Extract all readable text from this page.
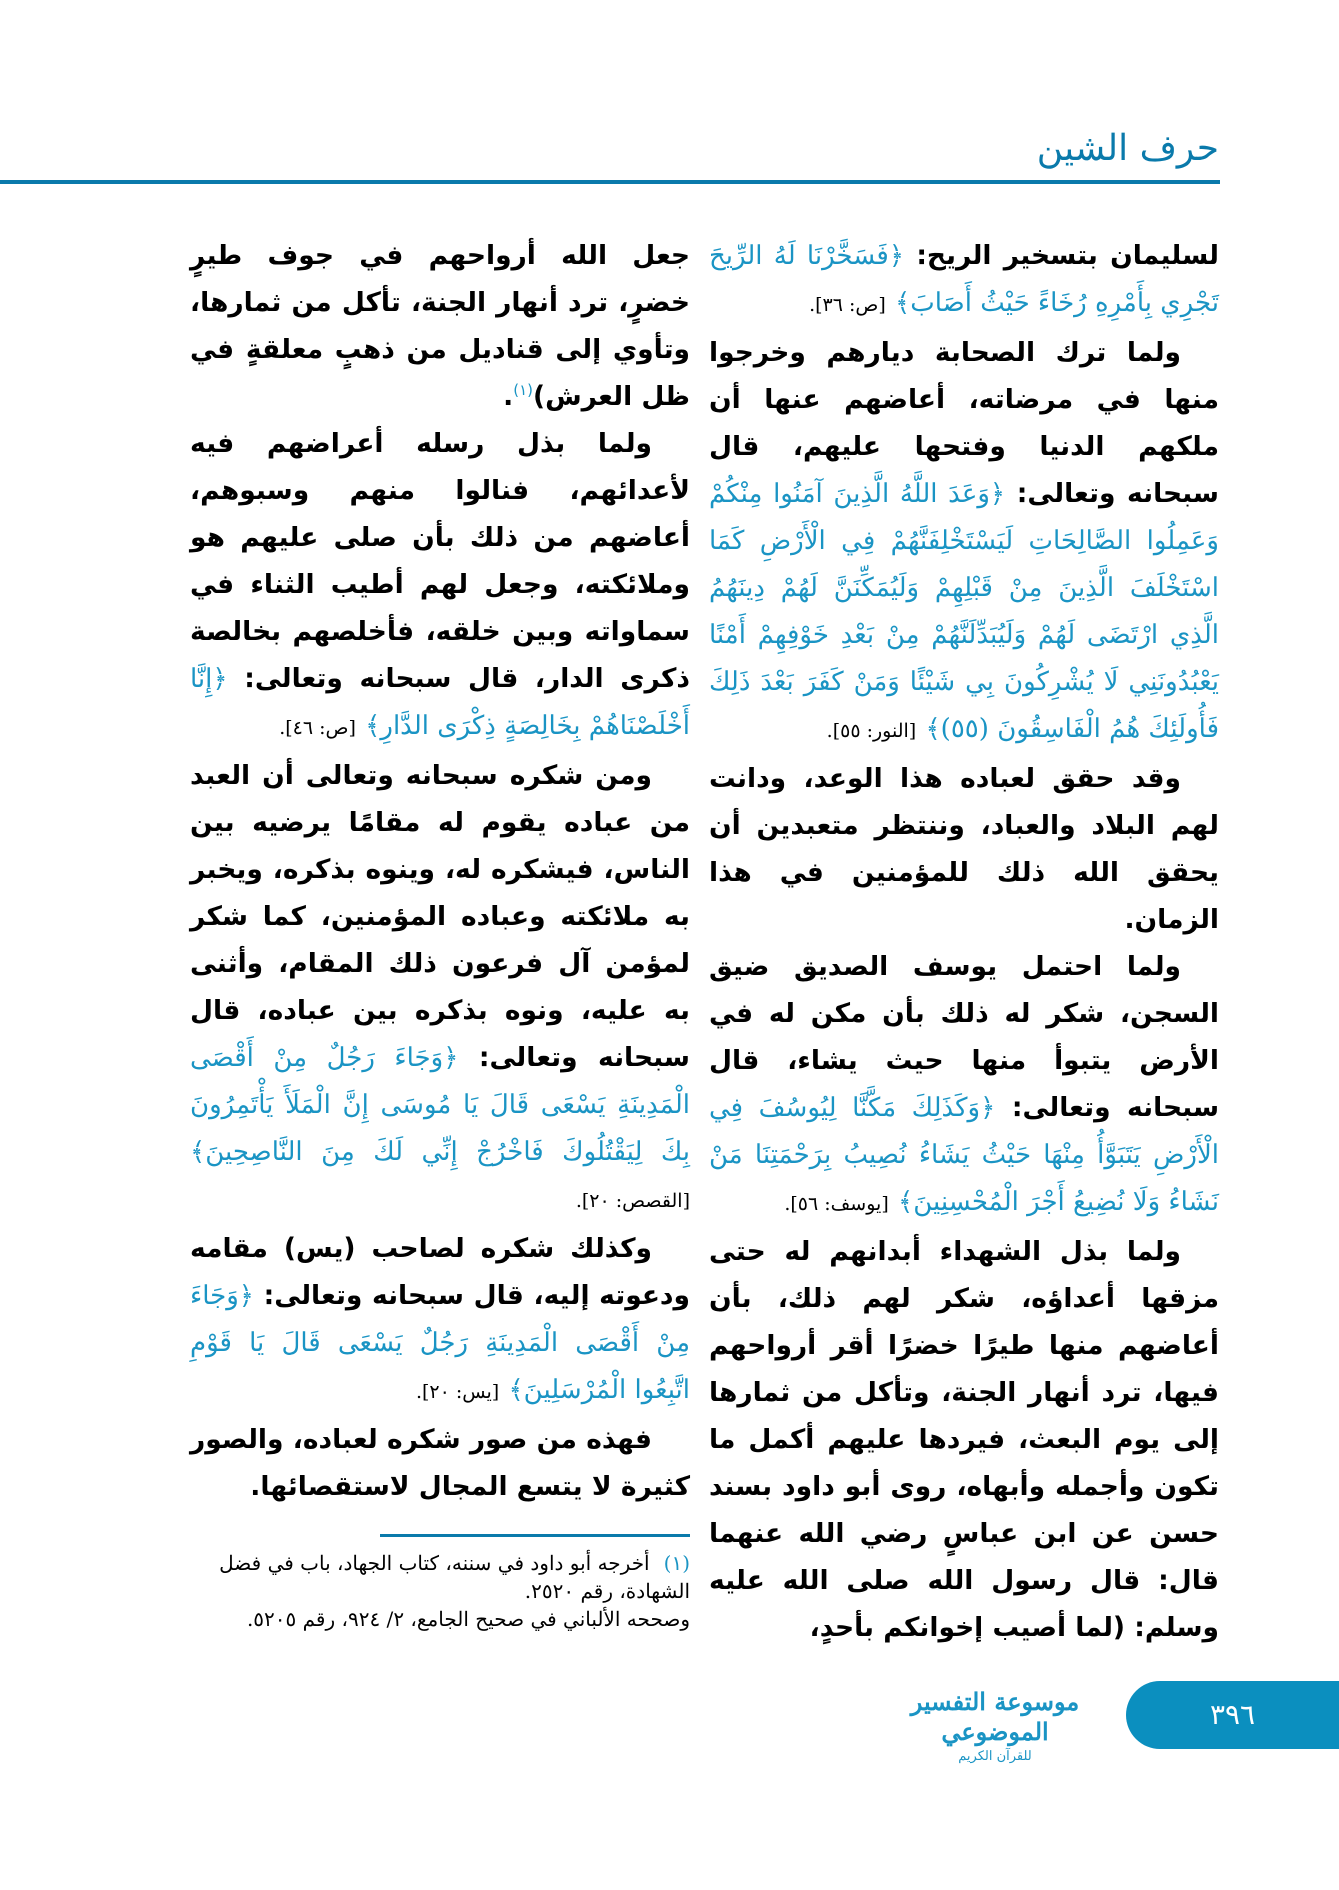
حرف الشين

لسليمان بتسخير الريح: ﴿فَسَخَّرْنَا لَهُ الرِّيحَ تَجْرِي بِأَمْرِهِ رُخَاءً حَيْثُ أَصَابَ﴾ [ص: ٣٦].

ولما ترك الصحابة ديارهم وخرجوا منها في مرضاته، أعاضهم عنها أن ملكهم الدنيا وفتحها عليهم، قال سبحانه وتعالى: ﴿وَعَدَ اللَّهُ الَّذِينَ آمَنُوا مِنْكُمْ وَعَمِلُوا الصَّالِحَاتِ لَيَسْتَخْلِفَنَّهُمْ فِي الْأَرْضِ كَمَا اسْتَخْلَفَ الَّذِينَ مِنْ قَبْلِهِمْ وَلَيُمَكِّنَنَّ لَهُمْ دِينَهُمُ الَّذِي ارْتَضَى لَهُمْ وَلَيُبَدِّلَنَّهُمْ مِنْ بَعْدِ خَوْفِهِمْ أَمْنًا يَعْبُدُونَنِي لَا يُشْرِكُونَ بِي شَيْئًا وَمَنْ كَفَرَ بَعْدَ ذَلِكَ فَأُولَئِكَ هُمُ الْفَاسِقُونَ (٥٥)﴾ [النور: ٥٥].

وقد حقق لعباده هذا الوعد، ودانت لهم البلاد والعباد، وننتظر متعبدين أن يحقق الله ذلك للمؤمنين في هذا الزمان.

ولما احتمل يوسف الصديق ضيق السجن، شكر له ذلك بأن مكن له في الأرض يتبوأ منها حيث يشاء، قال سبحانه وتعالى: ﴿وَكَذَلِكَ مَكَّنَّا لِيُوسُفَ فِي الْأَرْضِ يَتَبَوَّأُ مِنْهَا حَيْثُ يَشَاءُ نُصِيبُ بِرَحْمَتِنَا مَنْ نَشَاءُ وَلَا نُضِيعُ أَجْرَ الْمُحْسِنِينَ﴾ [يوسف: ٥٦].

ولما بذل الشهداء أبدانهم له حتى مزقها أعداؤه، شكر لهم ذلك، بأن أعاضهم منها طيرًا خضرًا أقر أرواحهم فيها، ترد أنهار الجنة، وتأكل من ثمارها إلى يوم البعث، فيردها عليهم أكمل ما تكون وأجمله وأبهاه، روى أبو داود بسند حسن عن ابن عباسٍ رضي الله عنهما قال: قال رسول الله صلى الله عليه وسلم: (لما أصيب إخوانكم بأحدٍ،

جعل الله أرواحهم في جوف طيرٍ خضرٍ، ترد أنهار الجنة، تأكل من ثمارها، وتأوي إلى قناديل من ذهبٍ معلقةٍ في ظل العرش)$^{(١)}$.

ولما بذل رسله أعراضهم فيه لأعدائهم، فنالوا منهم وسبوهم، أعاضهم من ذلك بأن صلى عليهم هو وملائكته، وجعل لهم أطيب الثناء في سماواته وبين خلقه، فأخلصهم بخالصة ذكرى الدار، قال سبحانه وتعالى: ﴿إِنَّا أَخْلَصْنَاهُمْ بِخَالِصَةٍ ذِكْرَى الدَّارِ﴾ [ص: ٤٦].

ومن شكره سبحانه وتعالى أن العبد من عباده يقوم له مقامًا يرضيه بين الناس، فيشكره له، وينوه بذكره، ويخبر به ملائكته وعباده المؤمنين، كما شكر لمؤمن آل فرعون ذلك المقام، وأثنى به عليه، ونوه بذكره بين عباده، قال سبحانه وتعالى: ﴿وَجَاءَ رَجُلٌ مِنْ أَقْصَى الْمَدِينَةِ يَسْعَى قَالَ يَا مُوسَى إِنَّ الْمَلَأَ يَأْتَمِرُونَ بِكَ لِيَقْتُلُوكَ فَاخْرُجْ إِنِّي لَكَ مِنَ النَّاصِحِينَ﴾ [القصص: ٢٠].

وكذلك شكره لصاحب (يس) مقامه ودعوته إليه، قال سبحانه وتعالى: ﴿وَجَاءَ مِنْ أَقْصَى الْمَدِينَةِ رَجُلٌ يَسْعَى قَالَ يَا قَوْمِ اتَّبِعُوا الْمُرْسَلِينَ﴾ [يس: ٢٠].

فهذه من صور شكره لعباده، والصور كثيرة لا يتسع المجال لاستقصائها.

(١)أخرجه أبو داود في سننه، كتاب الجهاد، باب في فضل الشهادة، رقم ٢٥٢٠.
وصححه الألباني في صحيح الجامع، ٢/ ٩٢٤، رقم ٥٢٠٥.
موسوعة التفسير الموضوعي
للقرآن الكريم
٣٩٦
